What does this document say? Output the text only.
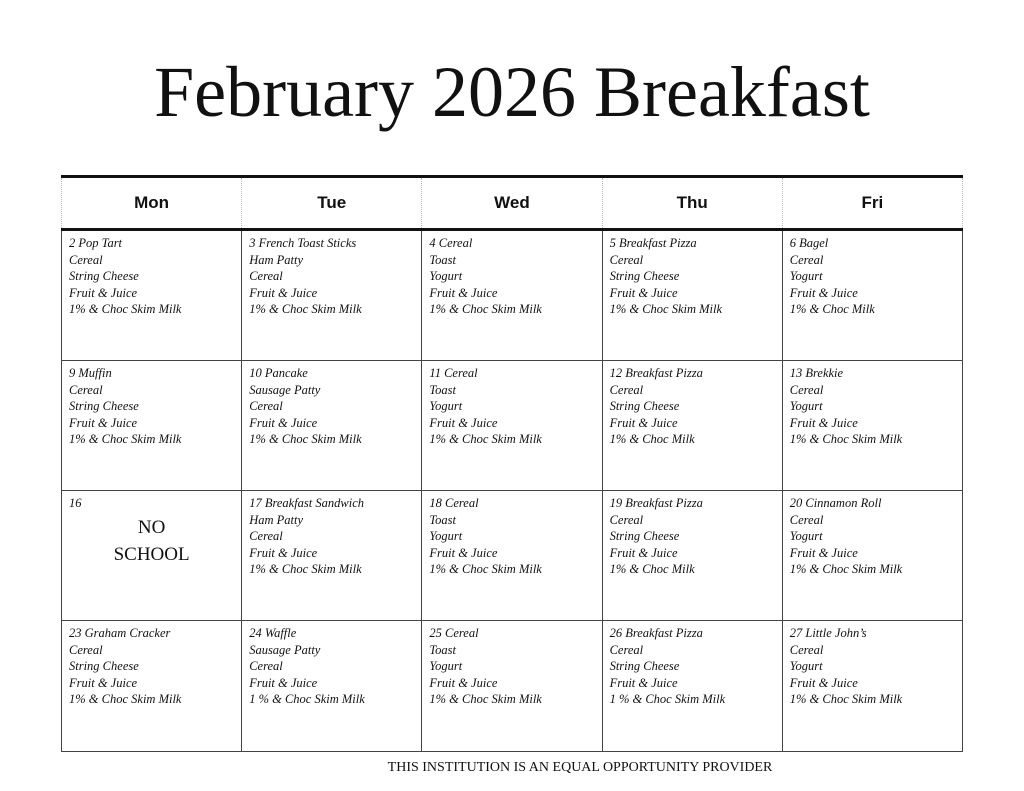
February 2026 Breakfast
Mon	Tue	Wed	Thu	Fri

2 Pop Tart
Cereal
String Cheese
Fruit & Juice
1% & Choc Skim Milk	3 French Toast Sticks
Ham Patty
Cereal
Fruit & Juice
1% & Choc Skim Milk	4 Cereal
Toast
Yogurt
Fruit & Juice
1% & Choc Skim Milk	5 Breakfast Pizza
Cereal
String Cheese
Fruit & Juice
1% & Choc Skim Milk	6 Bagel
Cereal
Yogurt
Fruit & Juice
1% & Choc Milk

9 Muffin
Cereal
String Cheese
Fruit & Juice
1% & Choc Skim Milk	10 Pancake
Sausage Patty
Cereal
Fruit & Juice
1% & Choc Skim Milk	11 Cereal
Toast
Yogurt
Fruit & Juice
1% & Choc Skim Milk	12 Breakfast Pizza
Cereal
String Cheese
Fruit & Juice
1% & Choc Milk	13 Brekkie
Cereal
Yogurt
Fruit & Juice
1% & Choc Skim Milk

16
NO
SCHOOL	17 Breakfast Sandwich
Ham Patty
Cereal
Fruit & Juice
1% & Choc Skim Milk	18 Cereal
Toast
Yogurt
Fruit & Juice
1% & Choc Skim Milk	19 Breakfast Pizza
Cereal
String Cheese
Fruit & Juice
1% & Choc Milk	20 Cinnamon Roll
Cereal
Yogurt
Fruit & Juice
1% & Choc Skim Milk

23 Graham Cracker
Cereal
String Cheese
Fruit & Juice
1% & Choc Skim Milk	24 Waffle
Sausage Patty
Cereal
Fruit & Juice
1 % & Choc Skim Milk	25 Cereal
Toast
Yogurt
Fruit & Juice
1% & Choc Skim Milk	26 Breakfast Pizza
Cereal
String Cheese
Fruit & Juice
1 % & Choc Skim Milk	27 Little John’s
Cereal
Yogurt
Fruit & Juice
1% & Choc Skim Milk
THIS INSTITUTION IS AN EQUAL OPPORTUNITY PROVIDER
